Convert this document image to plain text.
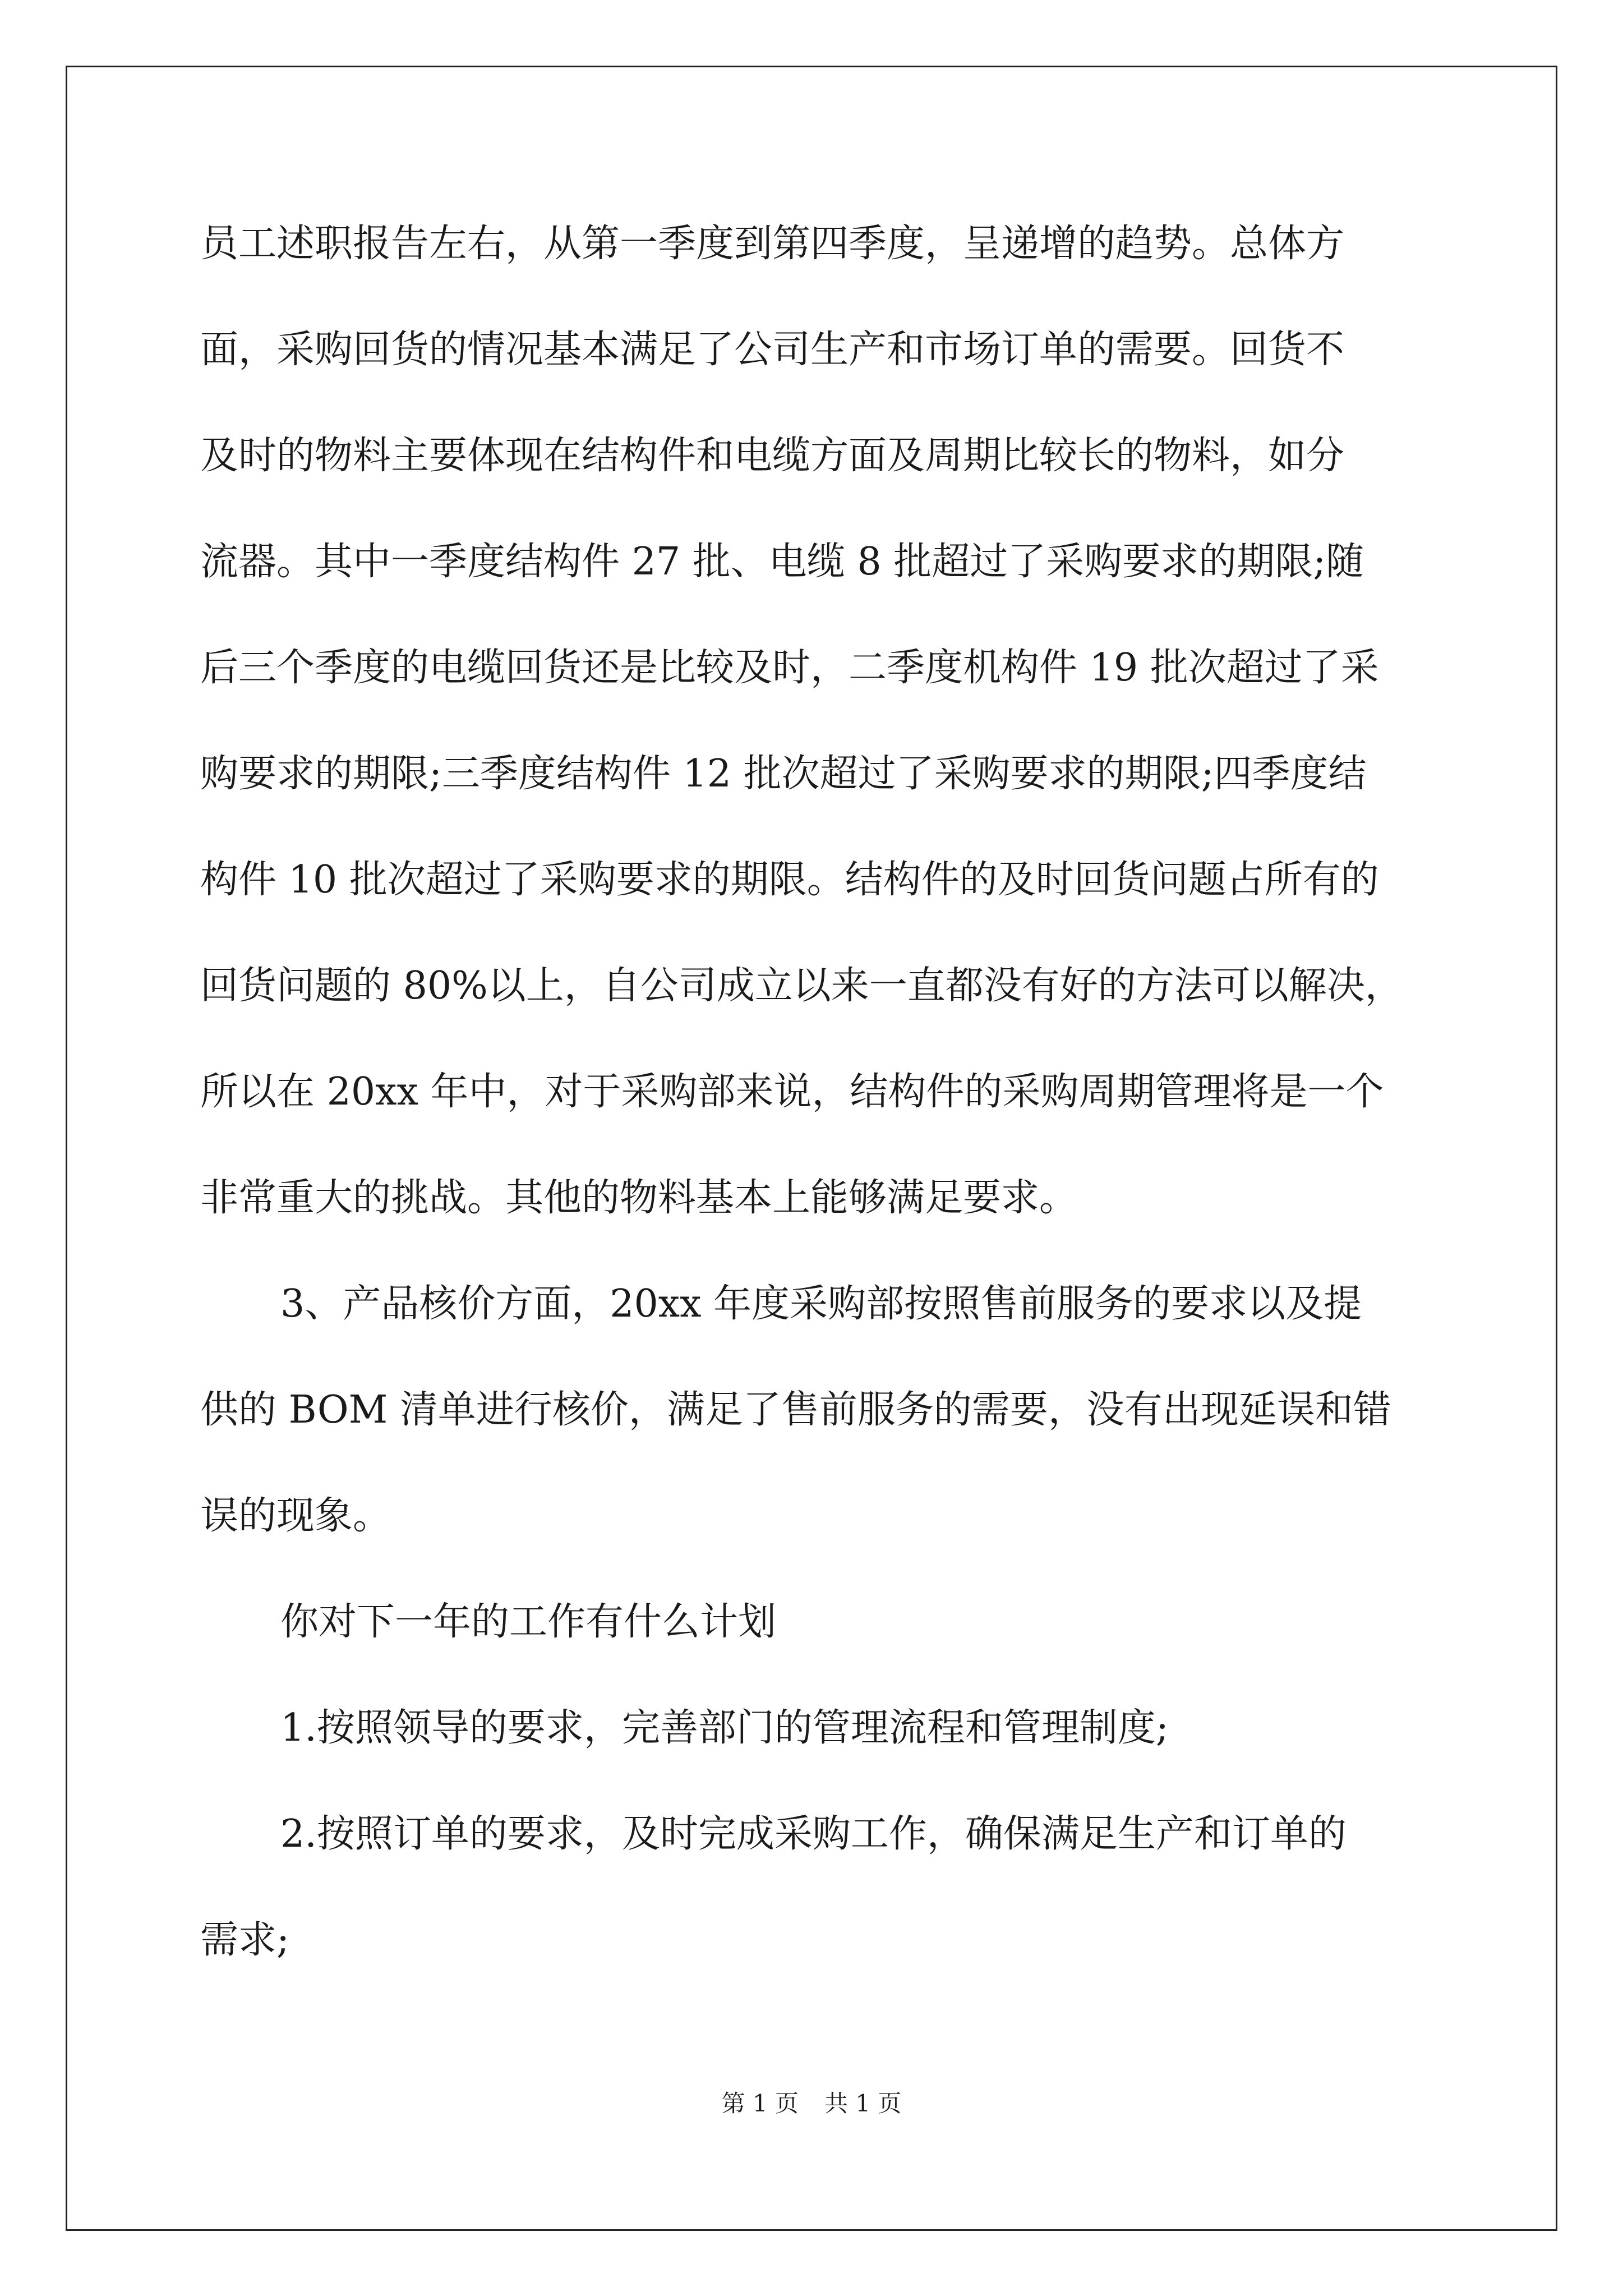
员工述职报告左右，从第一季度到第四季度，呈递增的趋势。总体方
面，采购回货的情况基本满足了公司生产和市场订单的需要。回货不
及时的物料主要体现在结构件和电缆方面及周期比较长的物料，如分
流器。其中一季度结构件 27 批、电缆 8 批超过了采购要求的期限;随
后三个季度的电缆回货还是比较及时，二季度机构件 19 批次超过了采
购要求的期限;三季度结构件 12 批次超过了采购要求的期限;四季度结
构件 10 批次超过了采购要求的期限。结构件的及时回货问题占所有的
回货问题的 80%以上，自公司成立以来一直都没有好的方法可以解决，
所以在 20xx 年中，对于采购部来说，结构件的采购周期管理将是一个
非常重大的挑战。其他的物料基本上能够满足要求。
3、产品核价方面，20xx 年度采购部按照售前服务的要求以及提
供的 BOM 清单进行核价，满足了售前服务的需要，没有出现延误和错
误的现象。
你对下一年的工作有什么计划
1.按照领导的要求，完善部门的管理流程和管理制度;
2.按照订单的要求，及时完成采购工作，确保满足生产和订单的
需求;
第 1 页 共 1 页
